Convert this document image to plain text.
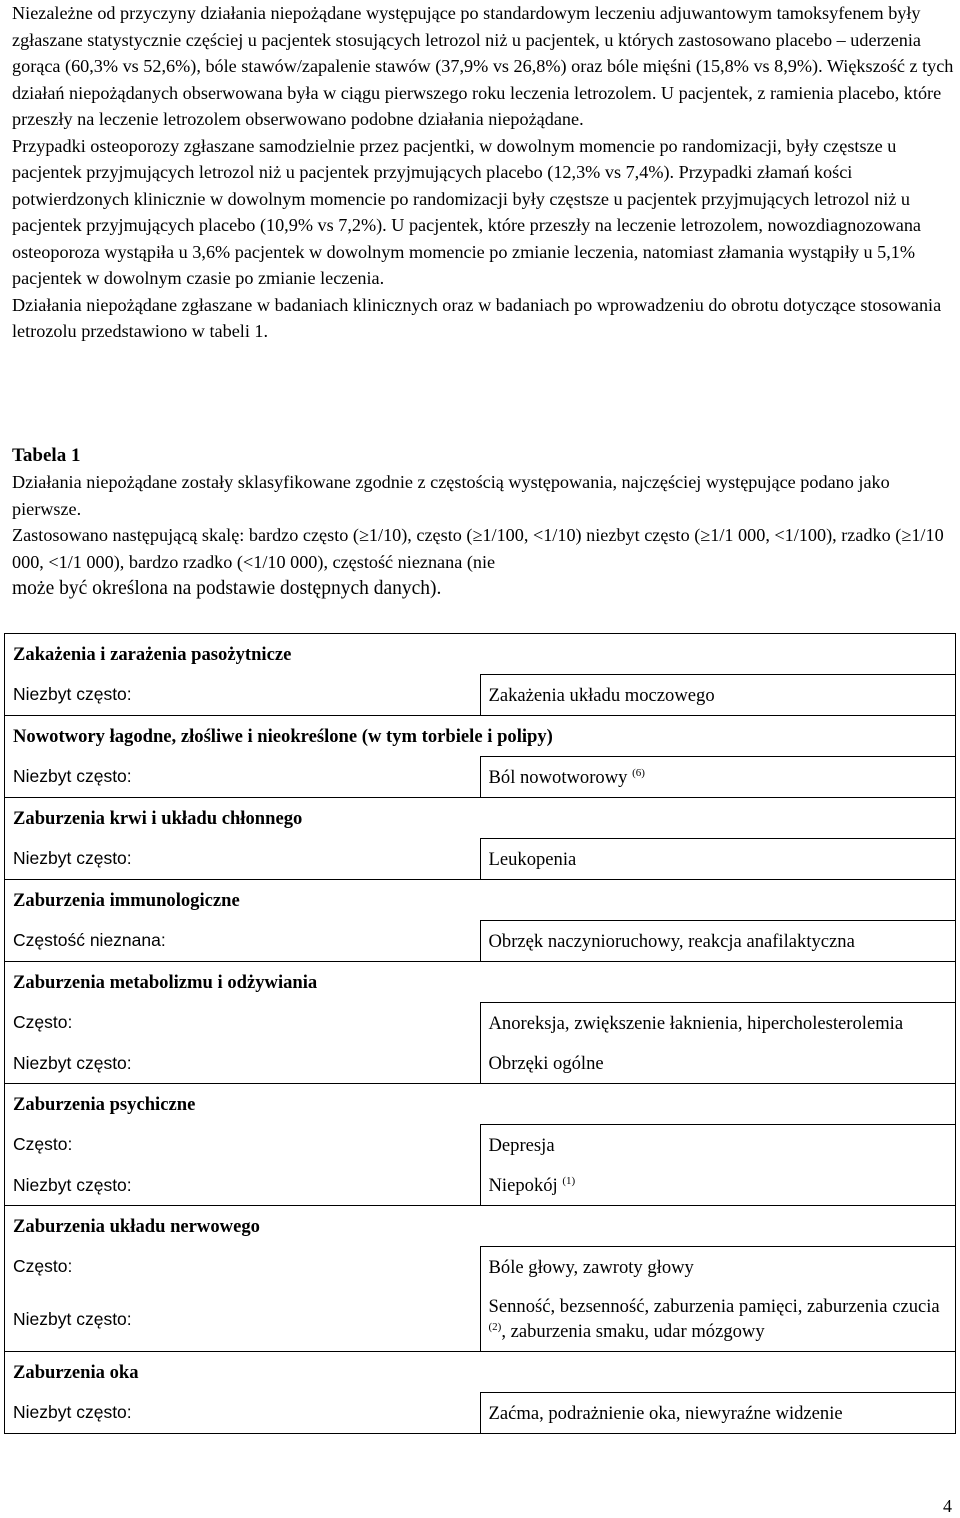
Niezależne od przyczyny działania niepożądane występujące po standardowym leczeniu adjuwantowym tamoksyfenem były zgłaszane statystycznie częściej u pacjentek stosujących letrozol niż u pacjentek, u których zastosowano placebo – uderzenia gorąca (60,3% vs 52,6%), bóle stawów/zapalenie stawów (37,9% vs 26,8%) oraz bóle mięśni (15,8% vs 8,9%). Większość z tych działań niepożądanych obserwowana była w ciągu pierwszego roku leczenia letrozolem. U pacjentek, z ramienia placebo, które przeszły na leczenie letrozolem obserwowano podobne działania niepożądane.

Przypadki osteoporozy zgłaszane samodzielnie przez pacjentki, w dowolnym momencie po randomizacji, były częstsze u pacjentek przyjmujących letrozol niż u pacjentek przyjmujących placebo (12,3% vs 7,4%). Przypadki złamań kości potwierdzonych klinicznie w dowolnym momencie po randomizacji były częstsze u pacjentek przyjmujących letrozol niż u pacjentek przyjmujących placebo (10,9% vs 7,2%). U pacjentek, które przeszły na leczenie letrozolem, nowozdiagnozowana osteoporoza wystąpiła u 3,6% pacjentek w dowolnym momencie po zmianie leczenia, natomiast złamania wystąpiły u 5,1% pacjentek w dowolnym czasie po zmianie leczenia.

Działania niepożądane zgłaszane w badaniach klinicznych oraz w badaniach po wprowadzeniu do obrotu dotyczące stosowania letrozolu przedstawiono w tabeli 1.

Tabela 1

Działania niepożądane zostały sklasyfikowane zgodnie z częstością występowania, najczęściej występujące podano jako pierwsze.

Zastosowano następującą skalę: bardzo często (≥1/10), często (≥1/100, <1/10) niezbyt często (≥1/1 000, <1/100), rzadko (≥1/10 000, <1/1 000), bardzo rzadko (<1/10 000), częstość nieznana (nie
może być określona na podstawie dostępnych danych).

Zakażenia i zarażenia pasożytnicze	
Niezbyt często:	Zakażenia układu moczowego
Nowotwory łagodne, złośliwe i nieokreślone (w tym torbiele i polipy)	
Niezbyt często:	Ból nowotworowy $^{(6)}$
Zaburzenia krwi i układu chłonnego	
Niezbyt często:	Leukopenia
Zaburzenia immunologiczne	
Częstość nieznana:	Obrzęk naczynioruchowy, reakcja anafilaktyczna
Zaburzenia metabolizmu i odżywiania	
Często:	Anoreksja, zwiększenie łaknienia, hipercholesterolemia
Niezbyt często:	Obrzęki ogólne
Zaburzenia psychiczne	
Często:	Depresja
Niezbyt często:	Niepokój $^{(1)}$
Zaburzenia układu nerwowego	
Często:	Bóle głowy, zawroty głowy
Niezbyt często:	Senność, bezsenność, zaburzenia pamięci, zaburzenia czucia $^{(2)}$, zaburzenia smaku, udar mózgowy
Zaburzenia oka	
Niezbyt często:	Zaćma, podrażnienie oka, niewyraźne widzenie
4
